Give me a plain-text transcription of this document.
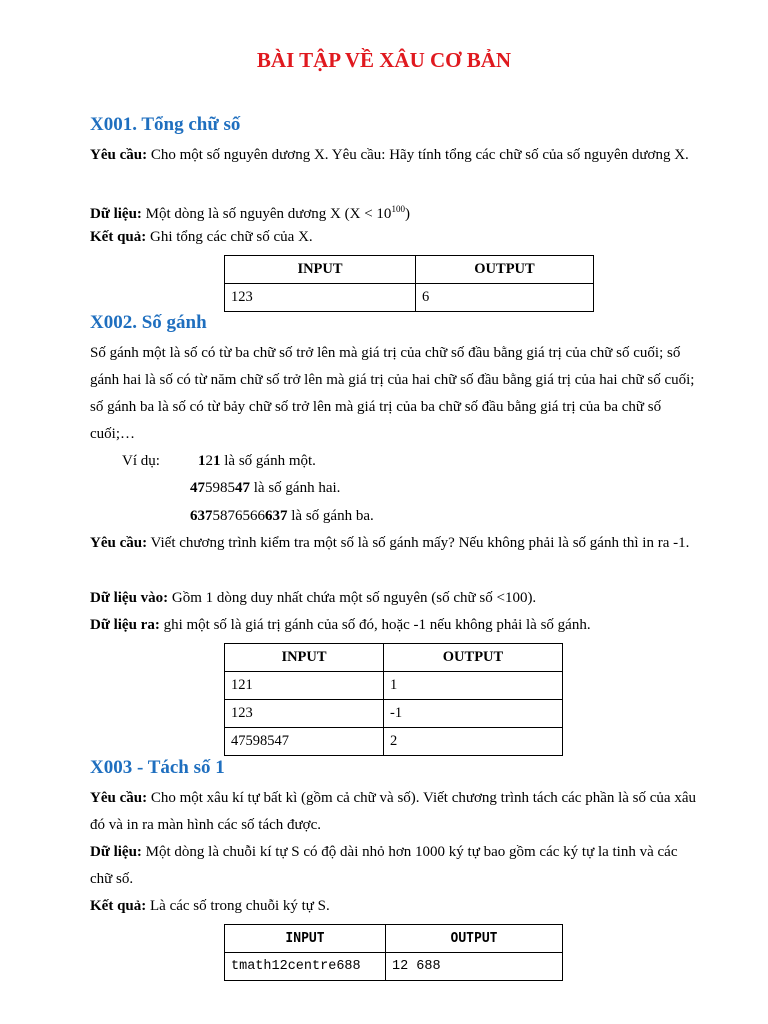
BÀI TẬP VỀ XÂU CƠ BẢN
X001. Tổng chữ số
Yêu cầu: Cho một số nguyên dương X. Yêu cầu: Hãy tính tổng các chữ số của số nguyên dương X.
Dữ liệu: Một dòng là số nguyên dương X $(X < 10^{100})$
Kết quả: Ghi tổng các chữ số của X.
INPUT	OUTPUT
123	6
X002. Số gánh
Số gánh một là số có từ ba chữ số trở lên mà giá trị của chữ số đầu bằng giá trị của chữ số cuối; số gánh hai là số có từ năm chữ số trở lên mà giá trị của hai chữ số đầu bằng giá trị của hai chữ số cuối; số gánh ba là số có từ bảy chữ số trở lên mà giá trị của ba chữ số đầu bằng giá trị của ba chữ số cuối;…
Ví dụ:	121 là số gánh một.
47598547 là số gánh hai.
6375876566637 là số gánh ba.
Yêu cầu: Viết chương trình kiểm tra một số là số gánh mấy? Nếu không phải là số gánh thì in ra -1.
Dữ liệu vào: Gồm 1 dòng duy nhất chứa một số nguyên (số chữ số <100).
Dữ liệu ra: ghi một số là giá trị gánh của số đó, hoặc -1 nếu không phải là số gánh.
INPUT	OUTPUT
121	1
123	-1
47598547	2
X003 - Tách số 1
Yêu cầu: Cho một xâu kí tự bất kì (gồm cả chữ và số). Viết chương trình tách các phần là số của xâu đó và in ra màn hình các số tách được.
Dữ liệu: Một dòng là chuỗi kí tự S có độ dài nhỏ hơn 1000 ký tự bao gồm các ký tự la tinh và các chữ số.
Kết quả: Là các số trong chuỗi ký tự S.
INPUT	OUTPUT
tmath12centre688	12 688
